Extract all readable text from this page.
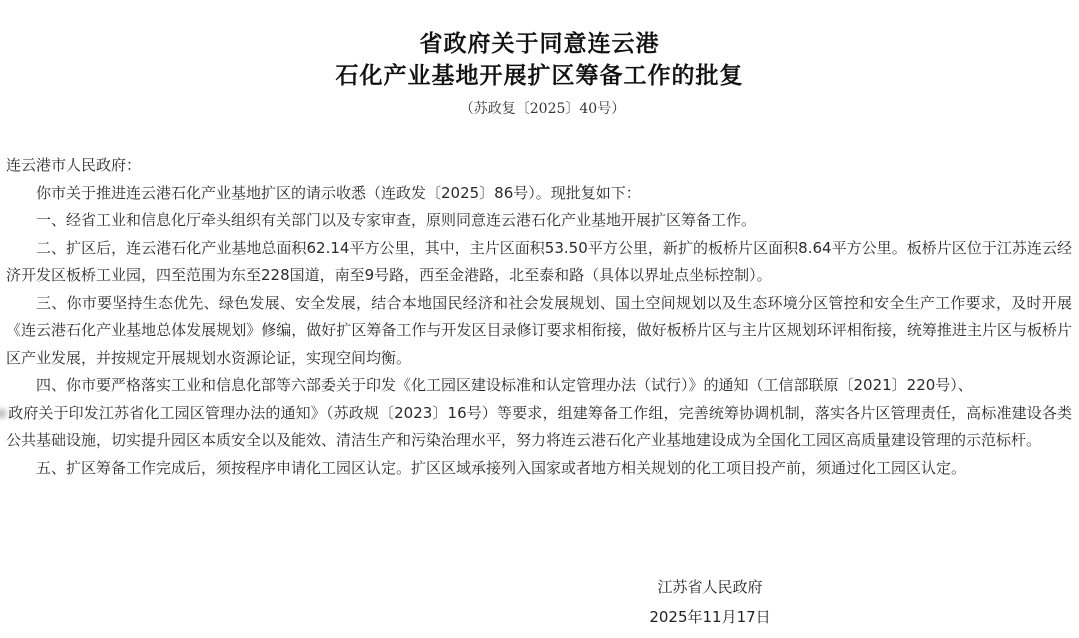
省政府关于同意连云港
石化产业基地开展扩区筹备工作的批复
（苏政复〔2025〕40号）

连云港市人民政府：

你市关于推进连云港石化产业基地扩区的请示收悉（连政发〔2025〕86号）。现批复如下：

一、经省工业和信息化厅牵头组织有关部门以及专家审查，原则同意连云港石化产业基地开展扩区筹备工作。

二、扩区后，连云港石化产业基地总面积62.14平方公里，其中，主片区面积53.50平方公里，新扩的板桥片区面积8.64平方公里。板桥片区位于江苏连云经济开发区板桥工业园，四至范围为东至228国道，南至9号路，西至金港路，北至泰和路（具体以界址点坐标控制）。

三、你市要坚持生态优先、绿色发展、安全发展，结合本地国民经济和社会发展规划、国土空间规划以及生态环境分区管控和安全生产工作要求，及时开展《连云港石化产业基地总体发展规划》修编，做好扩区筹备工作与开发区目录修订要求相衔接，做好板桥片区与主片区规划环评相衔接，统筹推进主片区与板桥片区产业发展，并按规定开展规划水资源论证，实现空间均衡。

四、你市要严格落实工业和信息化部等六部委关于印发《化工园区建设标准和认定管理办法（试行）》的通知（工信部联原〔2021〕220号）、
政府关于印发江苏省化工园区管理办法的通知》（苏政规〔2023〕16号）等要求，组建筹备工作组，完善统筹协调机制，落实各片区管理责任，高标准建设各类公共基础设施，切实提升园区本质安全以及能效、清洁生产和污染治理水平，努力将连云港石化产业基地建设成为全国化工园区高质量建设管理的示范标杆。

五、扩区筹备工作完成后，须按程序申请化工园区认定。扩区区域承接列入国家或者地方相关规划的化工项目投产前，须通过化工园区认定。

江苏省人民政府
2025年11月17日
